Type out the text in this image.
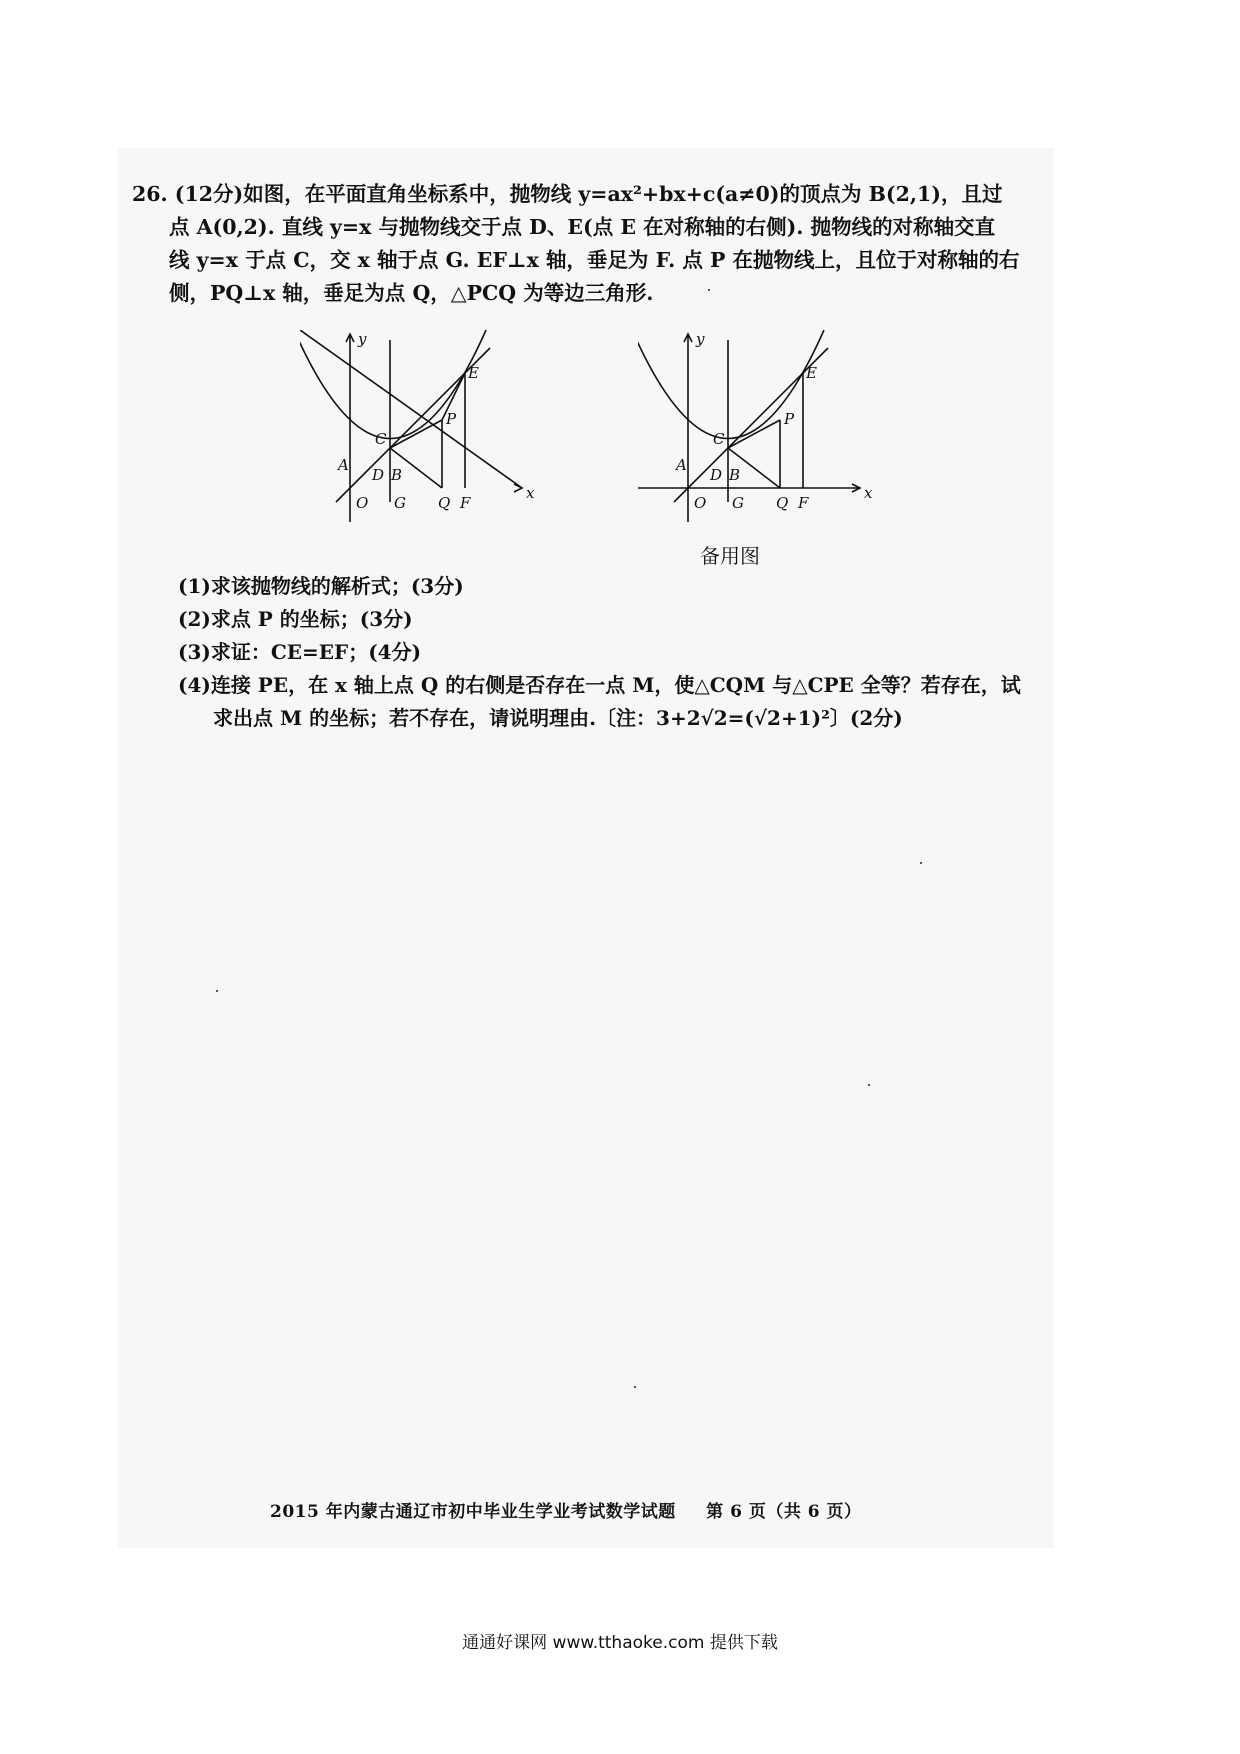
26. (12分)如图，在平面直角坐标系中，抛物线 y=ax²+bx+c(a≠0)的顶点为 B(2,1)，且过
点 A(0,2). 直线 y=x 与抛物线交于点 D、E(点 E 在对称轴的右侧). 抛物线的对称轴交直
线 y=x 于点 C，交 x 轴于点 G. EF⊥x 轴，垂足为 F. 点 P 在抛物线上，且位于对称轴的右
侧，PQ⊥x 轴，垂足为点 Q，△PCQ 为等边三角形.
y
E
P
C
A
D B
O G Q F
x
y
E
P
C
A
D B
O G Q F
x
备用图
(1)求该抛物线的解析式；(3分)
(2)求点 P 的坐标；(3分)
(3)求证：CE=EF；(4分)
(4)连接 PE，在 x 轴上点 Q 的右侧是否存在一点 M，使△CQM 与△CPE 全等？若存在，试
求出点 M 的坐标；若不存在，请说明理由.〔注：3+2√2=(√2+1)²〕(2分)
2015 年内蒙古通辽市初中毕业生学业考试数学试题 第 6 页（共 6 页）
通通好课网 www.tthaoke.com 提供下载
